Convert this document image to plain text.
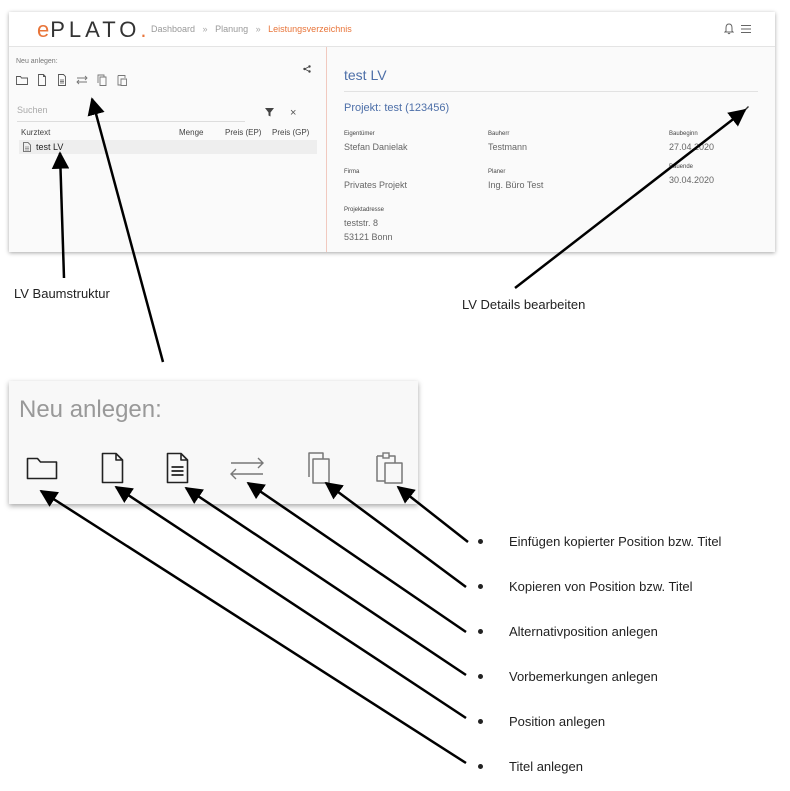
ePLATO. Dashboard » Planung » Leistungsverzeichnis
Neu anlegen:
Suchen	×
Kurztext	Menge	Preis (EP) Preis (GP)
test LV
test LV
Projekt: test (123456)
Eigentümer
Stefan Danielak
Bauherr
Testmann
Baubeginn
27.04.2020
Firma
Privates Projekt
Planer
Ing. Büro Test
Bauende
30.04.2020
Projektadresse
teststr. 8
53121 Bonn
Neu anlegen:
LV Baumstruktur
LV Details bearbeiten
Einfügen kopierter Position bzw. Titel
Kopieren von Position bzw. Titel
Alternativposition anlegen
Vorbemerkungen anlegen
Position anlegen
Titel anlegen
